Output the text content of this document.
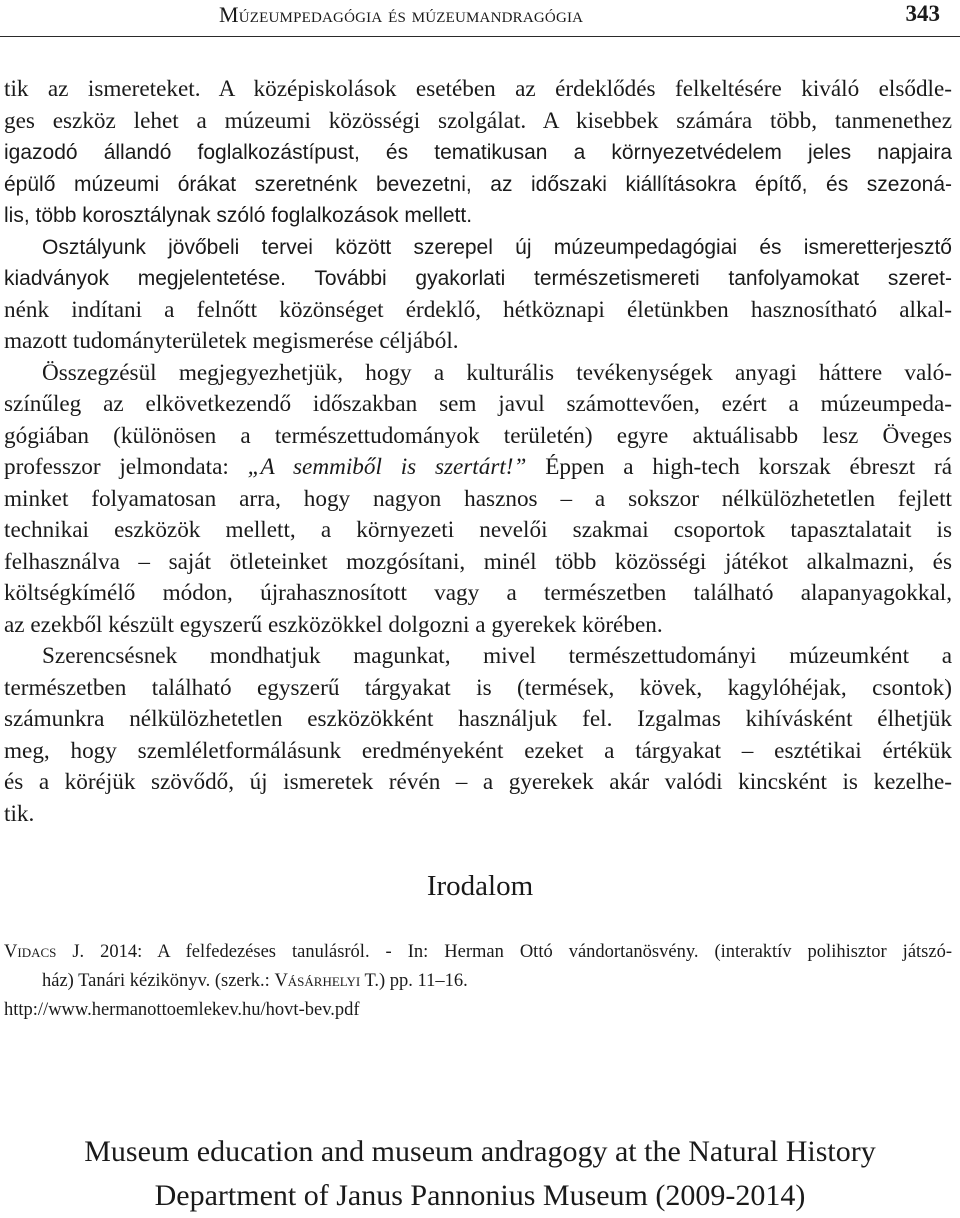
Múzeumpedagógia és múzeumandragógia	343
tik az ismereteket. A középiskolások esetében az érdeklődés felkeltésére kiváló elsődle-
ges eszköz lehet a múzeumi közösségi szolgálat. A kisebbek számára több, tanmenethez
igazodó állandó foglalkozástípust, és tematikusan a környezetvédelem jeles napjaira
épülő múzeumi órákat szeretnénk bevezetni, az időszaki kiállításokra építő, és szezoná-
lis, több korosztálynak szóló foglalkozások mellett.
Osztályunk jövőbeli tervei között szerepel új múzeumpedagógiai és ismeretterjesztő
kiadványok megjelentetése. További gyakorlati természetismereti tanfolyamokat szeret-
nénk indítani a felnőtt közönséget érdeklő, hétköznapi életünkben hasznosítható alkal-
mazott tudományterületek megismerése céljából.
Összegzésül megjegyezhetjük, hogy a kulturális tevékenységek anyagi háttere való-
színűleg az elkövetkezendő időszakban sem javul számottevően, ezért a múzeumpeda-
gógiában (különösen a természettudományok területén) egyre aktuálisabb lesz Öveges
professzor jelmondata: „A semmiből is szertárt!” Éppen a high-tech korszak ébreszt rá
minket folyamatosan arra, hogy nagyon hasznos – a sokszor nélkülözhetetlen fejlett
technikai eszközök mellett, a környezeti nevelői szakmai csoportok tapasztalatait is
felhasználva – saját ötleteinket mozgósítani, minél több közösségi játékot alkalmazni, és
költségkímélő módon, újrahasznosított vagy a természetben található alapanyagokkal,
az ezekből készült egyszerű eszközökkel dolgozni a gyerekek körében.
Szerencsésnek mondhatjuk magunkat, mivel természettudományi múzeumként a
természetben található egyszerű tárgyakat is (termések, kövek, kagylóhéjak, csontok)
számunkra nélkülözhetetlen eszközökként használjuk fel. Izgalmas kihívásként élhetjük
meg, hogy szemléletformálásunk eredményeként ezeket a tárgyakat – esztétikai értékük
és a köréjük szövődő, új ismeretek révén – a gyerekek akár valódi kincsként is kezelhe-
tik.
Irodalom
Vidacs J. 2014: A felfedezéses tanulásról. - In: Herman Ottó vándortanösvény. (interaktív polihisztor játszó-
ház) Tanári kézikönyv. (szerk.: Vásárhelyi T.) pp. 11–16.
http://www.hermanottoemlekev.hu/hovt-bev.pdf
Museum education and museum andragogy at the Natural History
Department of Janus Pannonius Museum (2009-2014)
